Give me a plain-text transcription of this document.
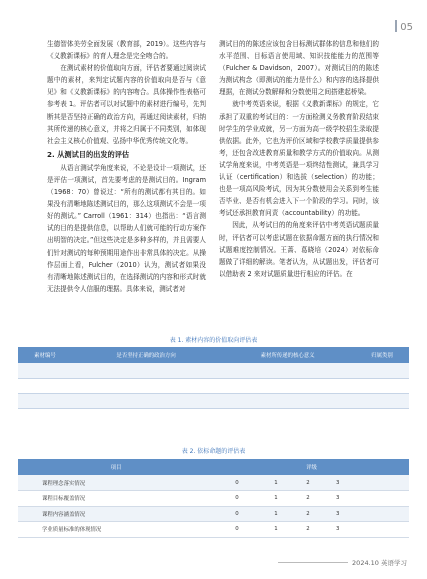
05

生德智体美劳全面发展（教育部，2019）。这些内容与《义教新课标》的育人理念是完全吻合的。

在测试素材的价值取向方面，评估者要通过阅读试题中的素材，来判定试题内容的价值取向是否与《意见》和《义教新课标》的内容吻合。具体操作性表格可参考表 1。评估者可以对试题中的素材进行编号，先判断其是否坚持正确的政治方向，再通过阅读素材，归纳其所传递的核心意义，并将之归属于不同类别，如体现社会主义核心价值观、弘扬中华优秀传统文化等。

2. 从测试目的出发的评估

从语言测试学角度来说，不论是设计一项测试，还是评估一项测试，首先要考虑的是测试目的。Ingram（1968：70）曾说过：“所有的测试都有其目的。如果没有清晰地陈述测试目的，那么这项测试不会是一项好的测试。” Carroll（1961：314）也指出：“语言测试的目的是提供信息，以帮助人们就可能的行动方案作出明智的决定。”但这些决定是多种多样的，并且需要人们针对测试的每种预期用途作出非常具体的决定。从操作层面上看，Fulcher（2010）认为，测试者如果没有清晰地陈述测试目的，在选择测试的内容和形式时就无法提供令人信服的理据。具体来说，测试者对

测试目的的陈述应该包含目标测试群体的信息和他们的水平范围、目标语言使用域、知识技能能力的范围等（Fulcher & Davidson，2007）。对测试目的的陈述为测试构念（即测试的能力是什么）和内容的选择提供理据，在测试分数解释和分数使用之间搭建起桥梁。

就中考英语来说，根据《义教新课标》的规定，它承担了双重的考试目的：一方面检测义务教育阶段结束时学生的学业成就，另一方面为高一级学校招生录取提供依据。此外，它也为评价区域和学校教学质量提供参考，还包含改进教育质量和教学方式的价值取向。从测试学角度来说，中考英语是一项终结性测试，兼具学习认证（certification）和选拔（selection）的功能；也是一项高风险考试，因为其分数使用会关系到考生能否毕业、是否有机会进入下一个阶段的学习。同时，该考试还承担教育问责（accountability）的功能。

因此，从考试目的的角度来评估中考英语试题质量时，评估者可以考虑试题在依据命题方面的执行情况和试题难度控制情况。王蔷、葛晓培（2024）对依标命题做了详细的解读。笔者认为，从试题出发，评估者可以借助表 2 来对试题质量进行相应的评估。在

表 1. 素材内容的价值取向评估表
素材编号	是否坚持正确的政治方向	素材所传递的核心意义	归属类别

表 2. 依标命题的评估表
项目	评级			
课程理念落实情况	0	1	2	3
课程目标覆盖情况	0	1	2	3
课程内容涵盖情况	0	1	2	3
学业质量标准的体现情况	0	1	2	3
2024.10 英语学习
